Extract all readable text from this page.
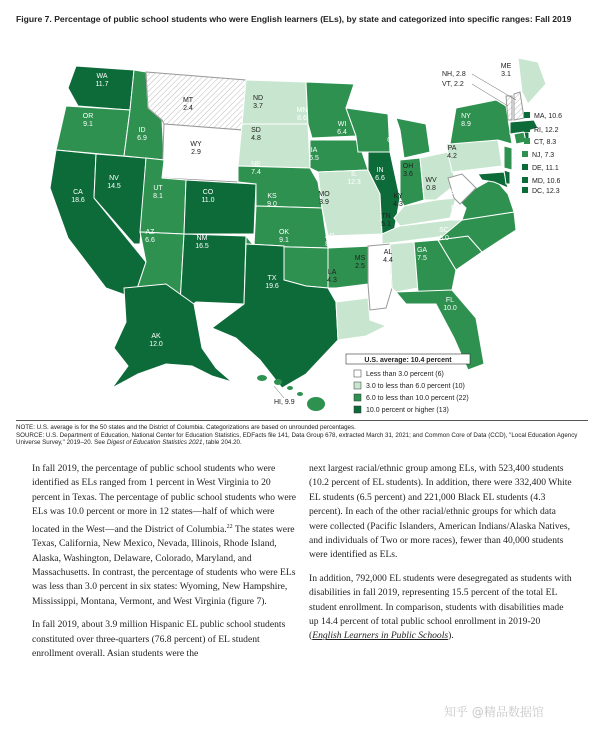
Figure 7. Percentage of public school students who were English learners (ELs), by state and categorized into specific ranges: Fall 2019
WA 11.7
OR 9.1
CA 18.6
NV 14.5
ID 6.9
MT 2.4
WY 2.9
UT 8.1
AZ 6.6
CO 11.0
NM 16.5
ND 3.7
SD 4.8
NE 7.4
KS 9.0
OK 9.1
TX 19.6
MN 8.6
IA 6.5
MO 3.9
AR 8.2
LA 4.3
WI 6.4
IL 12.3
MI 6.5
IN 6.6
OH 3.6
KY 4.3
TN 5.1
MS 2.5
AL 4.4
GA 7.5
FL 10.0
SC 6.0
NC 8.0
VA 9.2
WV 0.8
PA 4.2
NY 8.9
ME 3.1
AK 12.0
NH, 2.8
VT, 2.2
MA, 10.6
RI, 12.2
CT, 8.3
NJ, 7.3
DE, 11.1
MD, 10.6
DC, 12.3
HI, 9.9
U.S. average: 10.4 percent
Less than 3.0 percent (6)
3.0 to less than 6.0 percent (10)
6.0 to less than 10.0 percent (22)
10.0 percent or higher (13)
NOTE: U.S. average is for the 50 states and the District of Columbia. Categorizations are based on unrounded percentages.
SOURCE: U.S. Department of Education, National Center for Education Statistics, EDFacts file 141, Data Group 678, extracted March 31, 2021; and Common Core of Data (CCD), "Local Education Agency Universe Survey," 2019–20. See Digest of Education Statistics 2021, table 204.20.

In fall 2019, the percentage of public school students who were identified as ELs ranged from 1 percent in West Virginia to 20 percent in Texas. The percentage of public school students who were ELs was 10.0 percent or more in 12 states—half of which were located in the West—and the District of Columbia.$^{22}$ The states were Texas, California, New Mexico, Nevada, Illinois, Rhode Island, Alaska, Washington, Delaware, Colorado, Maryland, and Massachusetts. In contrast, the percentage of students who were ELs was less than 3.0 percent in six states: Wyoming, New Hampshire, Mississippi, Montana, Vermont, and West Virginia (figure 7).

In fall 2019, about 3.9 million Hispanic EL public school students constituted over three-quarters (76.8 percent) of EL student enrollment overall. Asian students were the

next largest racial/ethnic group among ELs, with 523,400 students (10.2 percent of EL students). In addition, there were 332,400 White EL students (6.5 percent) and 221,000 Black EL students (4.3 percent). In each of the other racial/ethnic groups for which data were collected (Pacific Islanders, American Indians/Alaska Natives, and individuals of Two or more races), fewer than 40,000 students were identified as ELs.

In addition, 792,000 EL students were desegregated as students with disabilities in fall 2019, representing 15.5 percent of the total EL student enrollment. In comparison, students with disabilities made up 14.4 percent of total public school enrollment in 2019-20 (English Learners in Public Schools).

知乎 @精品数据馆
